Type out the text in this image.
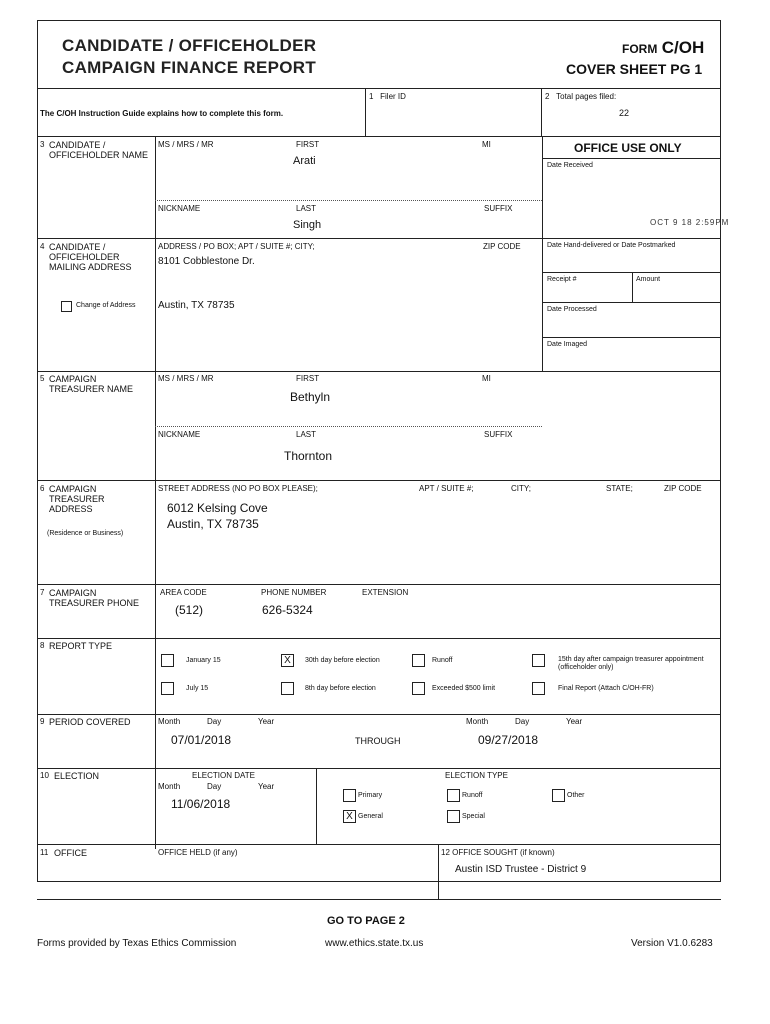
CANDIDATE / OFFICEHOLDER
CAMPAIGN FINANCE REPORT
FORM C/OH
COVER SHEET PG 1
The C/OH Instruction Guide explains how to complete this form.
1 Filer ID	2 Total pages filed:
22
3 CANDIDATE / OFFICEHOLDER NAME
MS / MRS / MR	FIRST	MI
Arati
NICKNAME	LAST	SUFFIX
Singh
OFFICE USE ONLY
Date Received
OCT 9 18 2:59PM
Date Hand-delivered or Date Postmarked
Receipt #	Amount
Date Processed
Date Imaged
4 CANDIDATE / OFFICEHOLDER MAILING ADDRESS
Change of Address
ADDRESS / PO BOX; APT / SUITE #; CITY;	ZIP CODE
8101 Cobblestone Dr.
Austin, TX 78735
5 CAMPAIGN TREASURER NAME
MS / MRS / MR	FIRST	MI
Bethyln
NICKNAME	LAST	SUFFIX
Thornton
6 CAMPAIGN TREASURER ADDRESS
(Residence or Business)
STREET ADDRESS (NO PO BOX PLEASE);	APT / SUITE #;	CITY;	STATE;	ZIP CODE
6012 Kelsing Cove
Austin, TX 78735
7 CAMPAIGN TREASURER PHONE
AREA CODE	PHONE NUMBER	EXTENSION
(512)	626-5324
8 REPORT TYPE
January 15	X	30th day before election	Runoff	15th day after campaign treasurer appointment (officeholder only)
July 15	8th day before election	Exceeded $500 limit	Final Report (Attach C/OH-FR)
9 PERIOD COVERED	Month	Day	Year
07/01/2018	THROUGH
Month	Day	Year
09/27/2018
10 ELECTION	ELECTION DATE
Month	Day	Year
11/06/2018
ELECTION TYPE
Primary	Runoff	Other
X General	Special
11 OFFICE	OFFICE HELD (if any)	12 OFFICE SOUGHT (if known)
Austin ISD Trustee - District 9
GO TO PAGE 2
Forms provided by Texas Ethics Commission	www.ethics.state.tx.us	Version V1.0.6283
